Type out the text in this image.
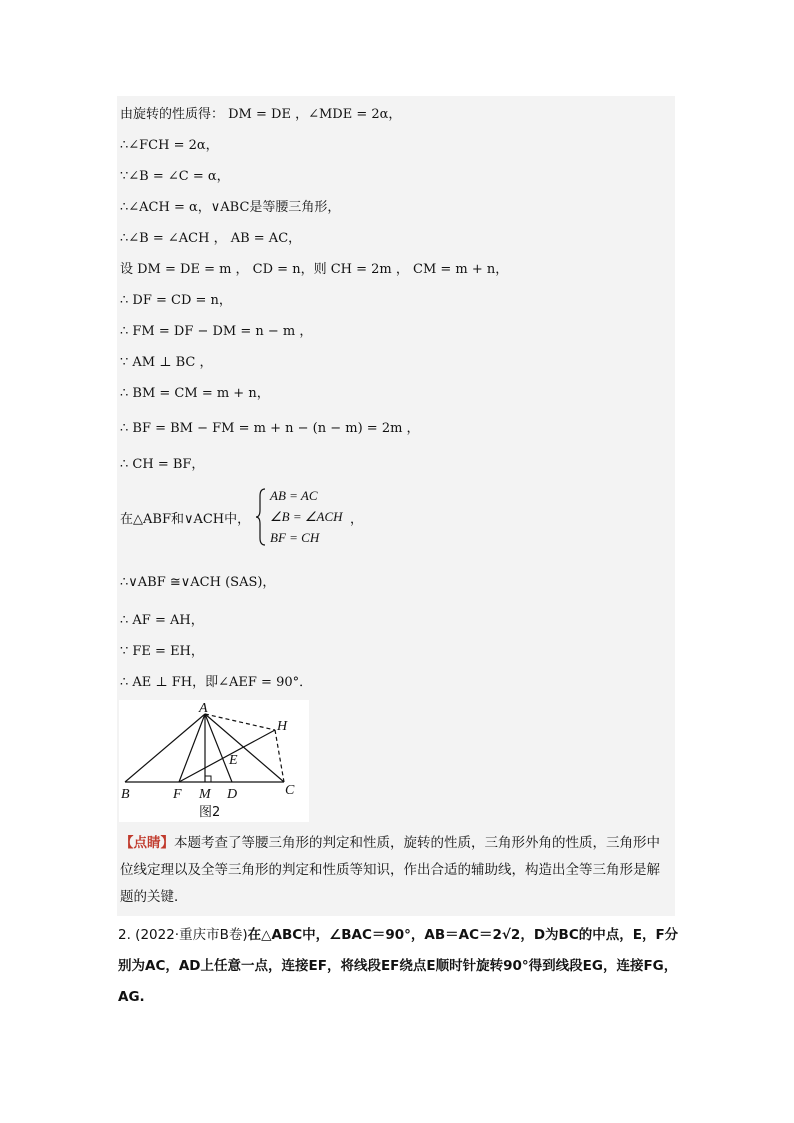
由旋转的性质得： DM = DE ，∠MDE = 2α，
∴∠FCH = 2α，
∵∠B = ∠C = α，
∴∠ACH = α，∨ABC是等腰三角形，
∴∠B = ∠ACH ， AB = AC，
设 DM = DE = m ， CD = n，则 CH = 2m ， CM = m + n，
∴ DF = CD = n，
∴ FM = DF − DM = n − m ，
∵ AM ⊥ BC ，
∴ BM = CM = m + n，
∴ BF = BM − FM = m + n − (n − m) = 2m ，
∴ CH = BF，
在△ABF和∨ACH中，
AB = AC
∠B = ∠ACH
BF = CH
，
∴∨ABF ≅∨ACH (SAS)，
∴ AF = AH，
∵ FE = EH，
∴ AE ⊥ FH，即∠AEF = 90°．
A
H
E
B	F M D	C
图2
【点睛】本题考查了等腰三角形的判定和性质，旋转的性质，三角形外角的性质，三角形中位线定理以及全等三角形的判定和性质等知识，作出合适的辅助线，构造出全等三角形是解题的关键．
2. (2022·重庆市B卷)在△ABC中，∠BAC＝90°，AB＝AC＝2√2，D为BC的中点，E，F分别为AC，AD上任意一点，连接EF，将线段EF绕点E顺时针旋转90°得到线段EG，连接FG，AG.
